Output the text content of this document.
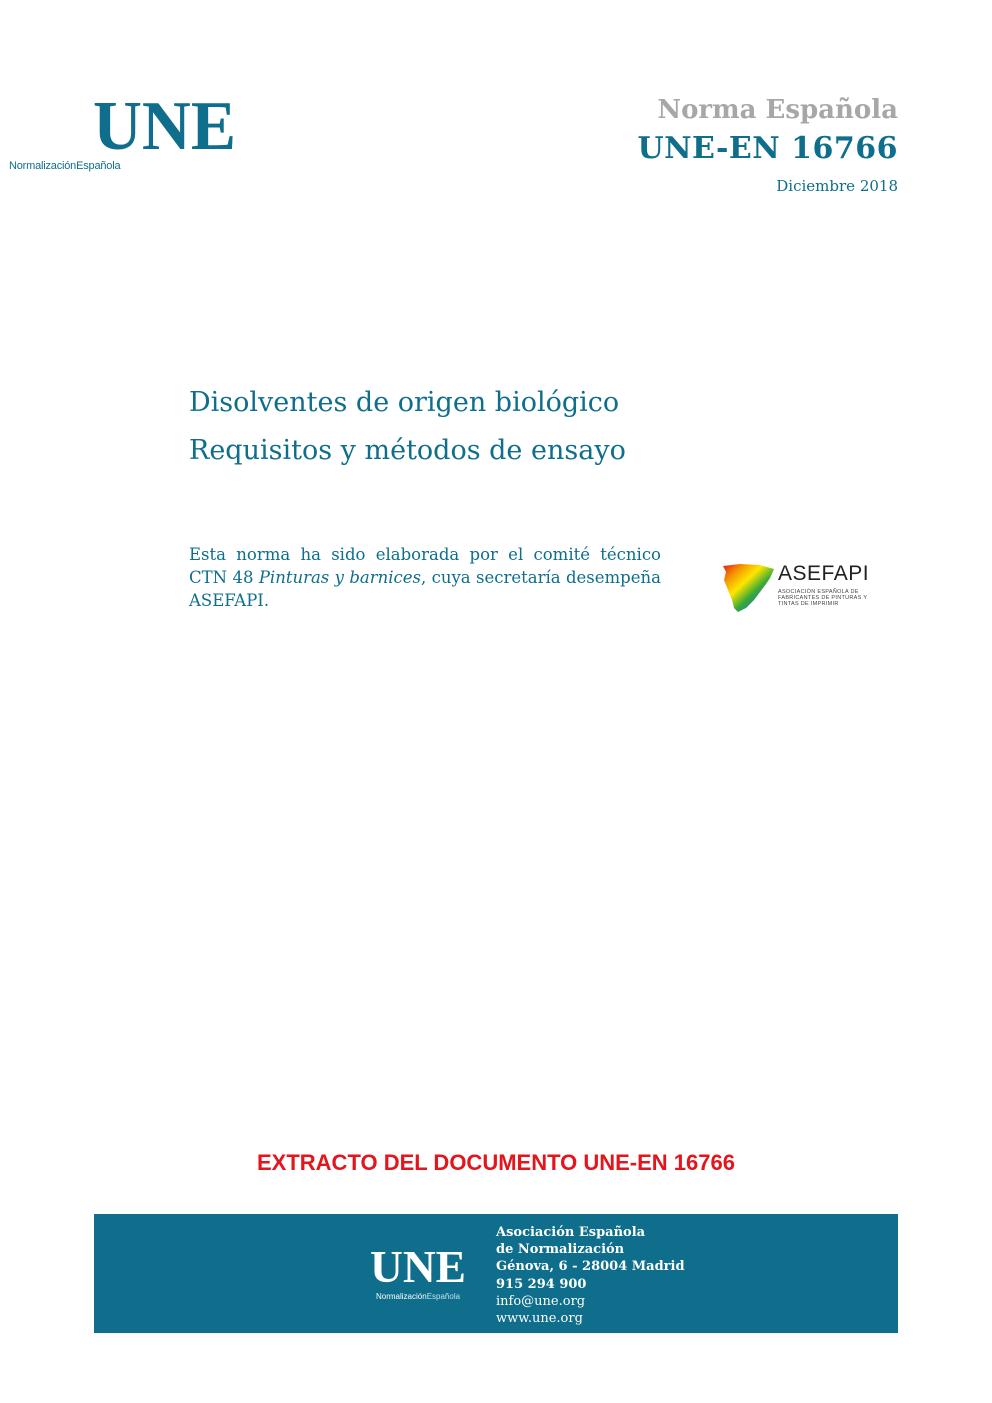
UNE
NormalizaciónEspañola
Norma Española
UNE-EN 16766
Diciembre 2018
Disolventes de origen biológico
Requisitos y métodos de ensayo
Esta norma ha sido elaborada por el comité técnico CTN 48 Pinturas y barnices, cuya secretaría desempeña ASEFAPI.
ASEFAPI
ASOCIACIÓN ESPAÑOLA DE FABRICANTES DE PINTURAS Y TINTAS DE IMPRIMIR
EXTRACTO DEL DOCUMENTO UNE-EN 16766
UNE
NormalizaciónEspañola
Asociación Española
de Normalización
Génova, 6 - 28004 Madrid
915 294 900
info@une.org
www.une.org
